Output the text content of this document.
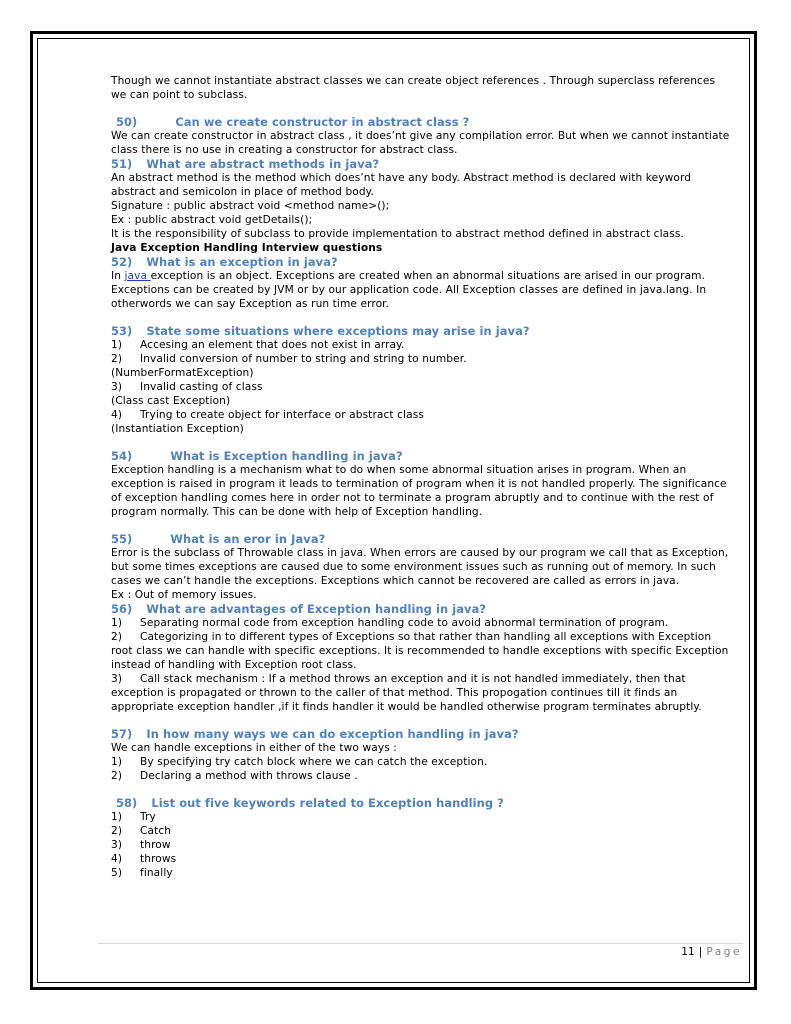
Though we cannot instantiate abstract classes we can create object references . Through superclass references we can point to subclass.

50)	Can we create constructor in abstract class ?

We can create constructor in abstract class , it does’nt give any compilation error. But when we cannot instantiate class there is no use in creating a constructor for abstract class.

51) What are abstract methods in java?

An abstract method is the method which does’nt have any body. Abstract method is declared with keyword abstract and semicolon in place of method body.

Signature : public abstract void <method name>();

Ex : public abstract void getDetails();

It is the responsibility of subclass to provide implementation to abstract method defined in abstract class.

Java Exception Handling Interview questions

52) What is an exception in java?

In java exception is an object. Exceptions are created when an abnormal situations are arised in our program. Exceptions can be created by JVM or by our application code. All Exception classes are defined in java.lang. In otherwords we can say Exception as run time error.

53) State some situations where exceptions may arise in java?

1)	Accesing an element that does not exist in array.

2)	Invalid conversion of number to string and string to number.

(NumberFormatException)

3)	Invalid casting of class

(Class cast Exception)

4)	Trying to create object for interface or abstract class

(Instantiation Exception)

54)	What is Exception handling in java?

Exception handling is a mechanism what to do when some abnormal situation arises in program. When an exception is raised in program it leads to termination of program when it is not handled properly. The significance of exception handling comes here in order not to terminate a program abruptly and to continue with the rest of program normally. This can be done with help of Exception handling.

55)	What is an eror in Java?

Error is the subclass of Throwable class in java. When errors are caused by our program we call that as Exception, but some times exceptions are caused due to some environment issues such as running out of memory. In such cases we can’t handle the exceptions. Exceptions which cannot be recovered are called as errors in java.

Ex : Out of memory issues.

56) What are advantages of Exception handling in java?

1) Separating normal code from exception handling code to avoid abnormal termination of program.

2) Categorizing in to different types of Exceptions so that rather than handling all exceptions with Exception root class we can handle with specific exceptions. It is recommended to handle exceptions with specific Exception instead of handling with Exception root class.

3) Call stack mechanism : If a method throws an exception and it is not handled immediately, then that exception is propagated or thrown to the caller of that method. This propogation continues till it finds an appropriate exception handler ,if it finds handler it would be handled otherwise program terminates abruptly.

57) In how many ways we can do exception handling in java?

We can handle exceptions in either of the two ways :

1)	By specifying try catch block where we can catch the exception.

2)	Declaring a method with throws clause .

58) List out five keywords related to Exception handling ?

1)	Try

2)	Catch

3)	throw

4)	throws

5)	finally

11 | Page
